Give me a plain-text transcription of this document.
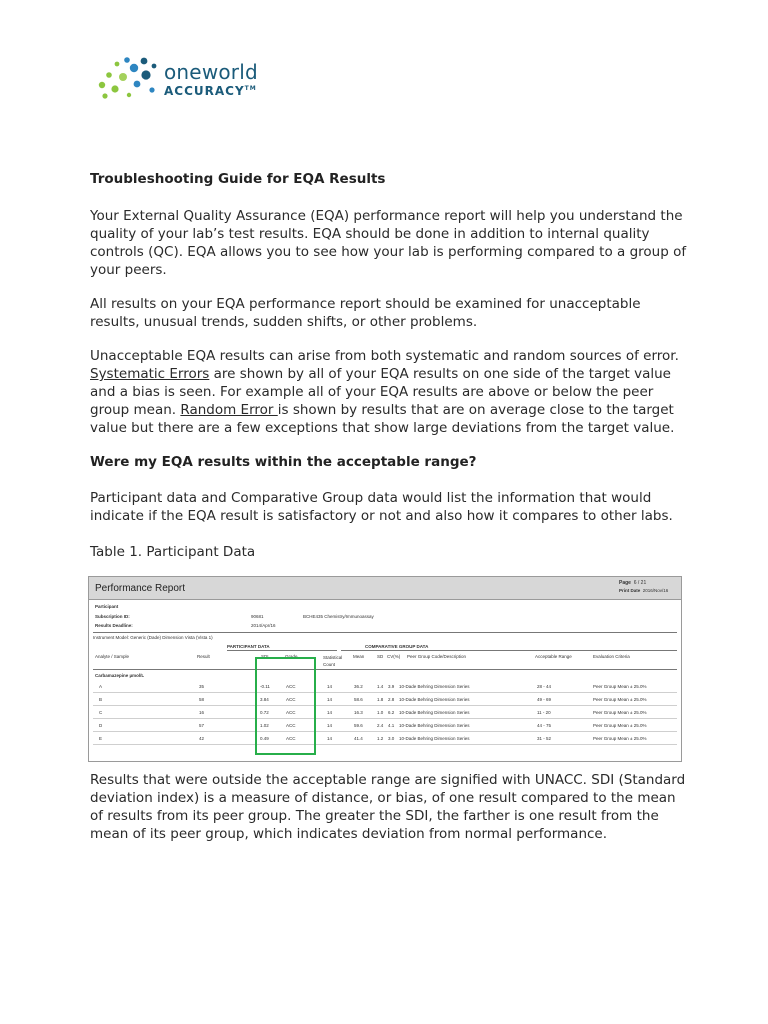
oneworld
ACCURACY™
Troubleshooting Guide for EQA Results
Your External Quality Assurance (EQA) performance report will help you understand the quality of your lab’s test results. EQA should be done in addition to internal quality controls (QC). EQA allows you to see how your lab is performing compared to a group of your peers.
All results on your EQA performance report should be examined for unacceptable results, unusual trends, sudden shifts, or other problems.
Unacceptable EQA results can arise from both systematic and random sources of error. Systematic Errors are shown by all of your EQA results on one side of the target value and a bias is seen. For example all of your EQA results are above or below the peer group mean. Random Error is shown by results that are on average close to the target value but there are a few exceptions that show large deviations from the target value.
Were my EQA results within the acceptable range?
Participant data and Comparative Group data would list the information that would indicate if the EQA result is satisfactory or not and also how it compares to other labs.
Table 1. Participant Data
Performance Report	Page 6 / 21
Print Date 2016/Nov/16
Participant
Subscription ID:	90681	BCHE435 Chemistry/Immunoassay
Results Deadline:	2014/Apr/16
Instrument Model: Generic (Dade) Dimension Vista (Vista 1)
PARTICIPANT DATA	COMPARATIVE GROUP DATA
Analyte / Sample	Result	SDI	Grade	Statistical Count
Mean	SD CV(%) Peer Group Code/Description	Acceptable Range	Evaluation Criteria
Carbamazepine µmol/L
A	35	-0.11	ACC	14	36.2	1.4 3.9 10-Dade Behring Dimension Series	28 - 44	Peer Group Mean ± 25.0%
B	58	3.84	ACC	14	58.6	1.8 2.8 10-Dade Behring Dimension Series	49 - 69	Peer Group Mean ± 25.0%
C	16	0.72	ACC	14	16.3	1.0 6.2 10-Dade Behring Dimension Series	11 - 20	Peer Group Mean ± 25.0%
D	57	1.02	ACC	14	59.6	2.4 4.1 10-Dade Behring Dimension Series	44 - 75	Peer Group Mean ± 25.0%
E	42	0.49	ACC	14	41.4	1.2 3.0 10-Dade Behring Dimension Series	31 - 52	Peer Group Mean ± 25.0%
Results that were outside the acceptable range are signified with UNACC. SDI (Standard deviation index) is a measure of distance, or bias, of one result compared to the mean of results from its peer group. The greater the SDI, the farther is one result from the mean of its peer group, which indicates deviation from normal performance.
